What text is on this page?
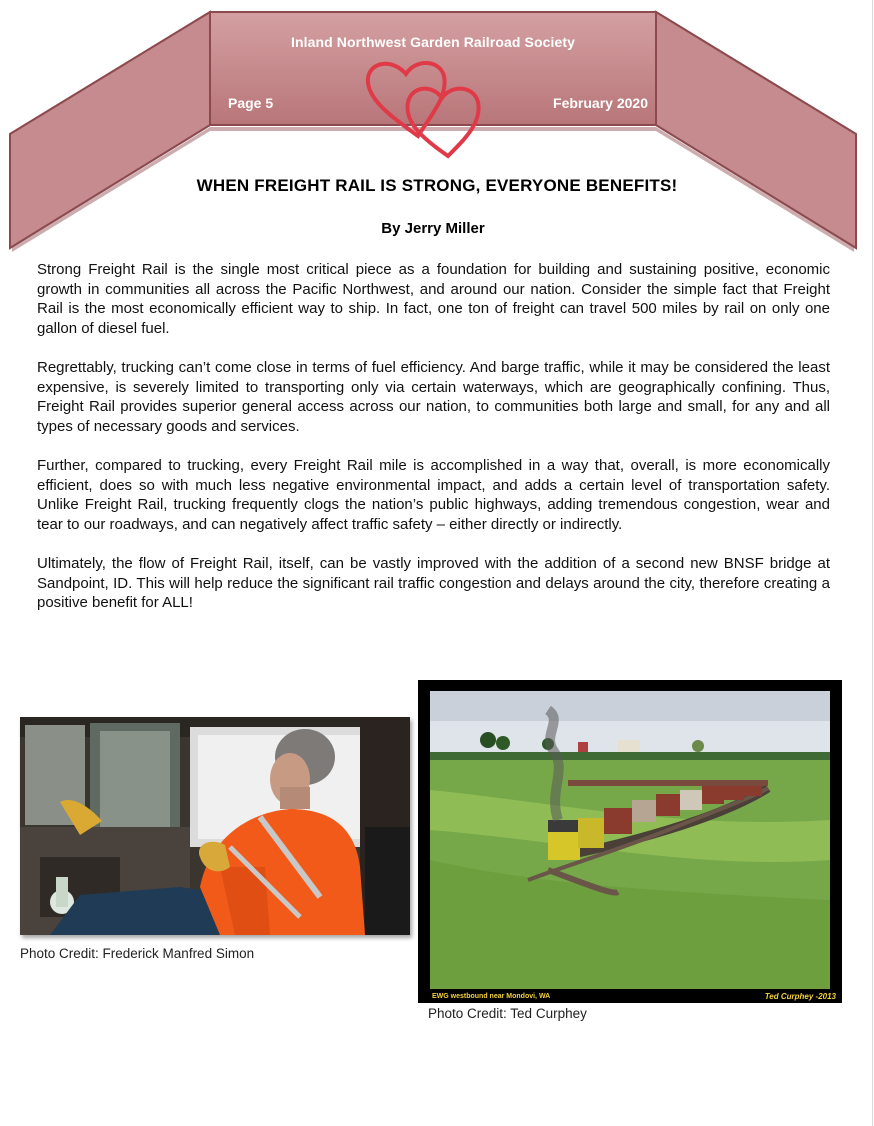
Inland Northwest Garden Railroad Society
Page 5	February 2020
WHEN FREIGHT RAIL IS STRONG, EVERYONE BENEFITS!
By Jerry Miller

Strong Freight Rail is the single most critical piece as a foundation for building and sustaining positive, economic growth in communities all across the Pacific Northwest, and around our nation. Consider the simple fact that Freight Rail is the most economically efficient way to ship. In fact, one ton of freight can travel 500 miles by rail on only one gallon of diesel fuel.

Regrettably, trucking can’t come close in terms of fuel efficiency. And barge traffic, while it may be considered the least expensive, is severely limited to transporting only via certain waterways, which are geographically confining. Thus, Freight Rail provides superior general access across our nation, to communities both large and small, for any and all types of necessary goods and services.

Further, compared to trucking, every Freight Rail mile is accomplished in a way that, overall, is more economically efficient, does so with much less negative environmental impact, and adds a certain level of transportation safety. Unlike Freight Rail, trucking frequently clogs the nation’s public highways, adding tremendous congestion, wear and tear to our roadways, and can negatively affect traffic safety – either directly or indirectly.

Ultimately, the flow of Freight Rail, itself, can be vastly improved with the addition of a second new BNSF bridge at Sandpoint, ID. This will help reduce the significant rail traffic congestion and delays around the city, therefore creating a positive benefit for ALL!

Photo Credit: Frederick Manfred Simon
EWG westbound near Mondovi, WA	Ted Curphey -2013
Photo Credit: Ted Curphey
